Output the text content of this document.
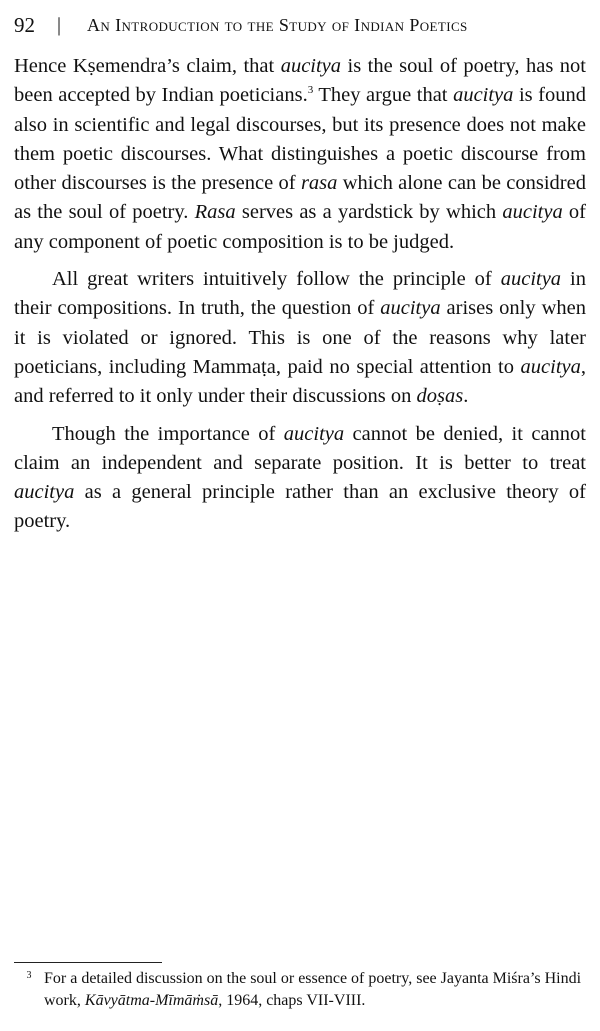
92 | An Introduction to the Study of Indian Poetics

Hence Kṣemendra’s claim, that aucitya is the soul of poetry, has not been accepted by Indian poeticians.$^3$ They argue that aucitya is found also in scientific and legal discourses, but its presence does not make them poetic discourses. What distinguishes a poetic discourse from other discourses is the presence of rasa which alone can be considred as the soul of poetry. Rasa serves as a yardstick by which aucitya of any component of poetic composition is to be judged.

All great writers intuitively follow the principle of aucitya in their compositions. In truth, the question of aucitya arises only when it is violated or ignored. This is one of the reasons why later poeticians, including Mammaṭa, paid no special attention to aucitya, and referred to it only under their discussions on doṣas.

Though the importance of aucitya cannot be denied, it cannot claim an independent and separate position. It is better to treat aucitya as a general principle rather than an exclusive theory of poetry.

3 For a detailed discussion on the soul or essence of poetry, see Jayanta Miśra’s Hindi work, Kāvyātma-Mīmāṁsā, 1964, chaps VII-VIII.
